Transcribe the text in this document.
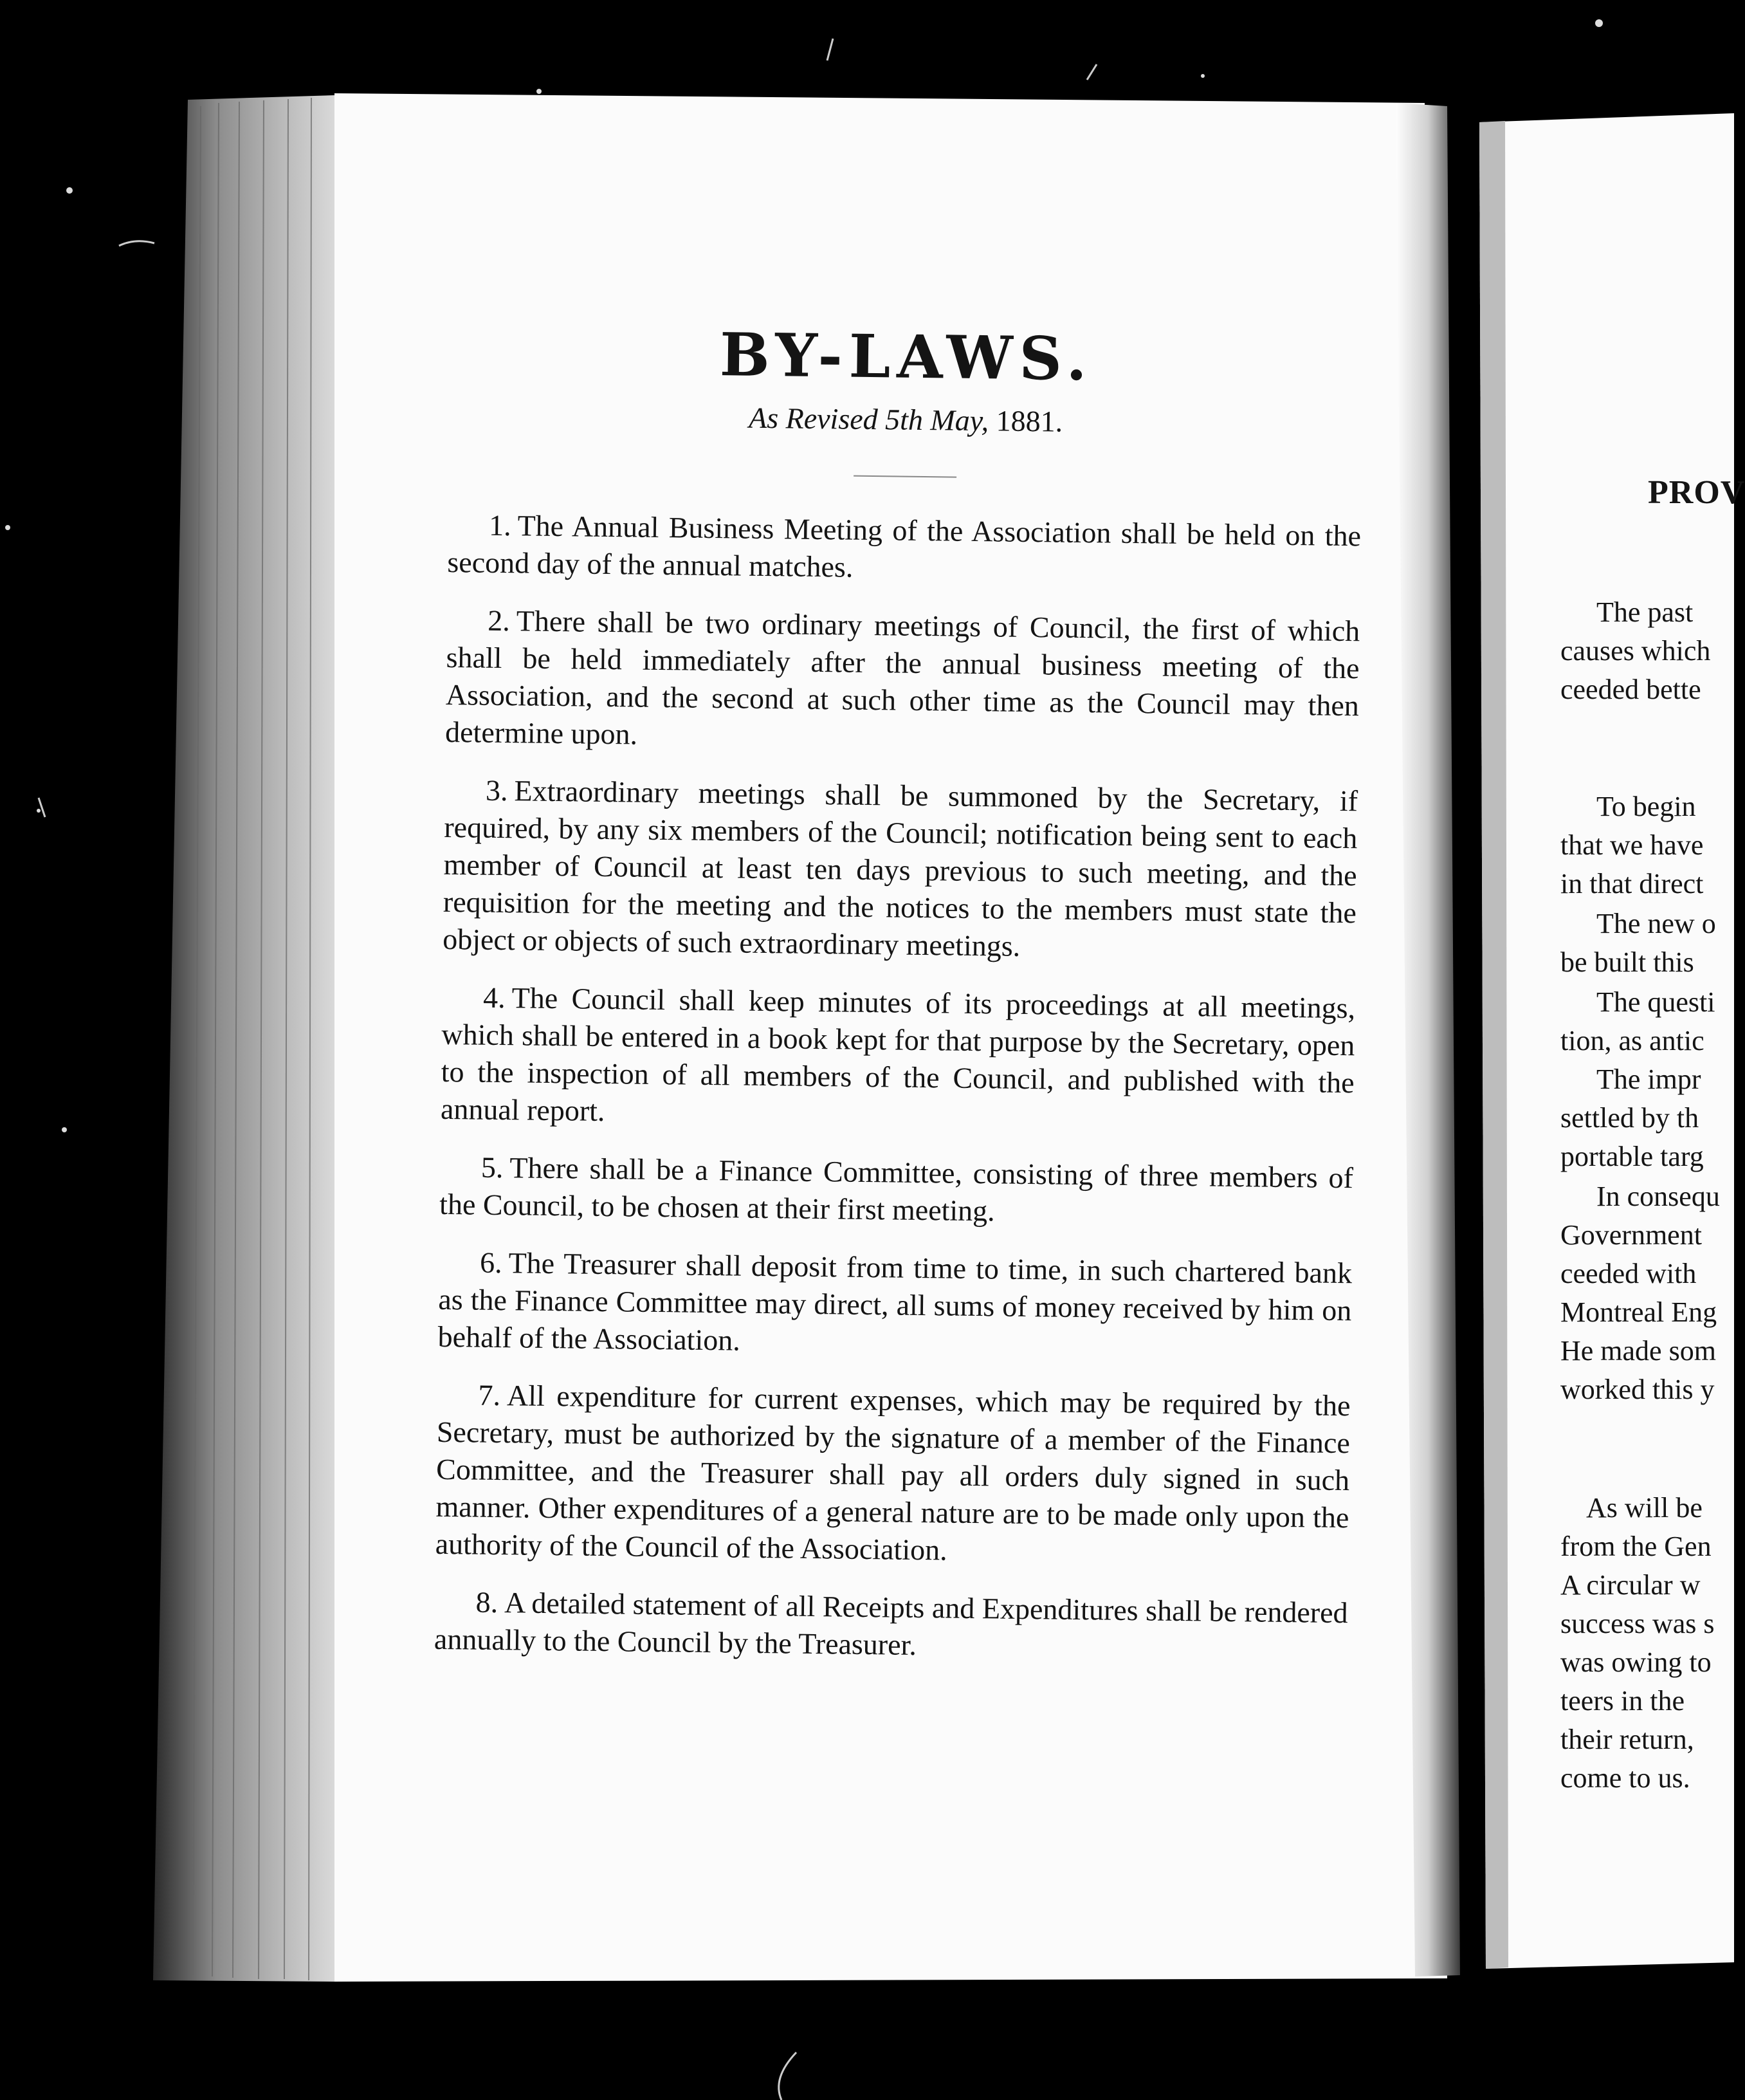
BY-LAWS.

As Revised 5th May, 1881.

1. The Annual Business Meeting of the Association shall be held on the second day of the annual matches.

2. There shall be two ordinary meetings of Council, the first of which shall be held immediately after the annual business meeting of the Association, and the second at such other time as the Council may then determine upon.

3. Extraordinary meetings shall be summoned by the Secretary, if required, by any six members of the Council; notification being sent to each member of Council at least ten days previous to such meeting, and the requisition for the meeting and the notices to the members must state the object or objects of such extraordinary meetings.

4. The Council shall keep minutes of its proceedings at all meetings, which shall be entered in a book kept for that purpose by the Secretary, open to the inspection of all members of the Council, and published with the annual report.

5. There shall be a Finance Committee, consisting of three members of the Council, to be chosen at their first meeting.

6. The Treasurer shall deposit from time to time, in such chartered bank as the Finance Committee may direct, all sums of money received by him on behalf of the Association.

7. All expenditure for current expenses, which may be required by the Secretary, must be authorized by the signature of a member of the Finance Committee, and the Treasurer shall pay all orders duly signed in such manner. Other expenditures of a general nature are to be made only upon the authority of the Council of the Association.

8. A detailed statement of all Receipts and Expenditures shall be rendered annually to the Council by the Treasurer.

PROV
The past
causes which
ceeded bette
To begin
that we have
in that direct
The new o
be built this
The questi
tion, as antic
The impr
settled by th
portable targ
In consequ
Government
ceeded with
Montreal Eng
He made som
worked this y
As will be
from the Gen
A circular w
success was s
was owing to
teers in the
their return,
come to us.
